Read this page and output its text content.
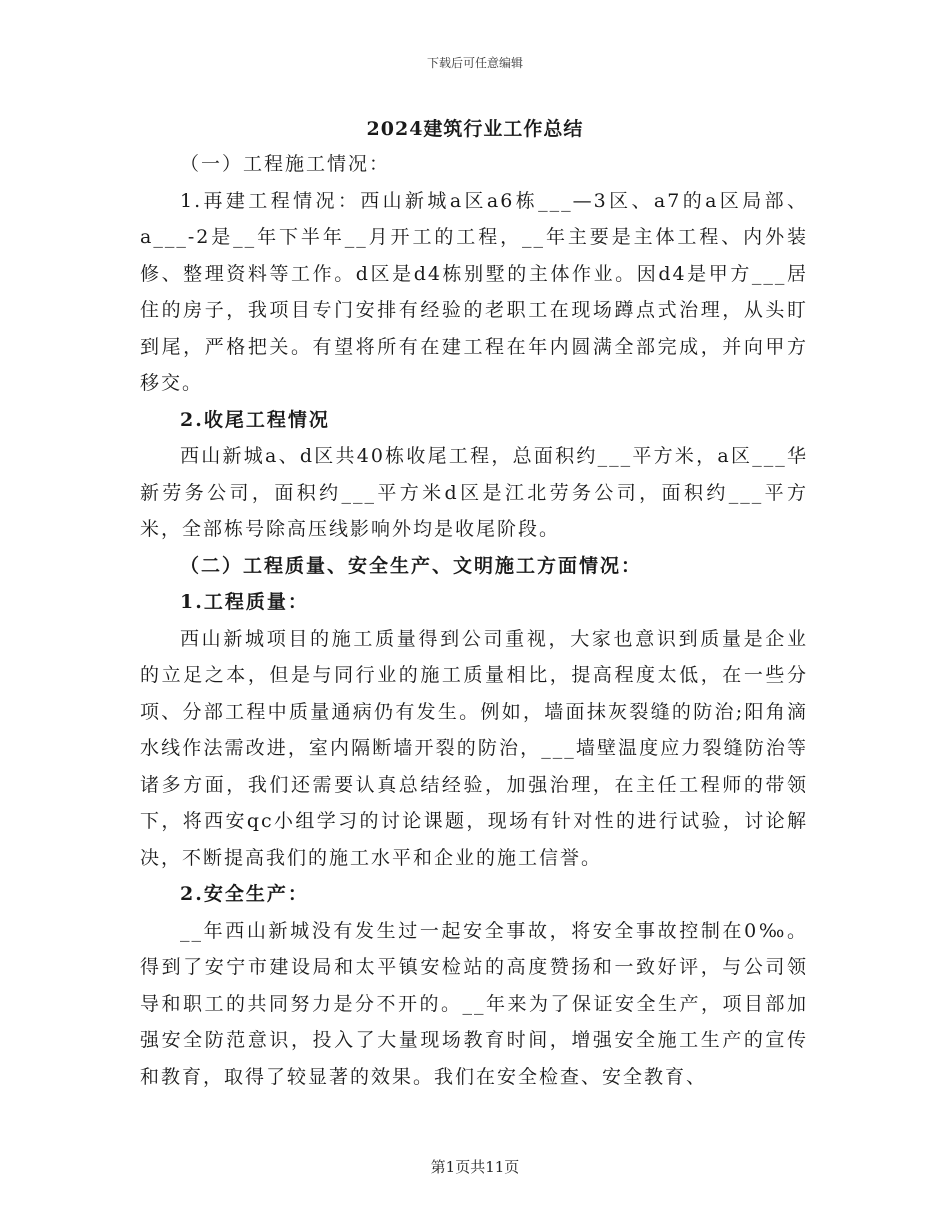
下载后可任意编辑
2024建筑行业工作总结

（一）工程施工情况：

1.再建工程情况：西山新城a区a6栋___—3区、a7的a区局部、a___-2是__年下半年__月开工的工程，__年主要是主体工程、内外装修、整理资料等工作。d区是d4栋别墅的主体作业。因d4是甲方___居住的房子，我项目专门安排有经验的老职工在现场蹲点式治理，从头盯到尾，严格把关。有望将所有在建工程在年内圆满全部完成，并向甲方移交。

2.收尾工程情况

西山新城a、d区共40栋收尾工程，总面积约___平方米，a区___华新劳务公司，面积约___平方米d区是江北劳务公司，面积约___平方米，全部栋号除高压线影响外均是收尾阶段。

（二）工程质量、安全生产、文明施工方面情况：

1.工程质量：

西山新城项目的施工质量得到公司重视，大家也意识到质量是企业的立足之本，但是与同行业的施工质量相比，提高程度太低，在一些分项、分部工程中质量通病仍有发生。例如，墙面抹灰裂缝的防治;阳角滴水线作法需改进，室内隔断墙开裂的防治，___墙壁温度应力裂缝防治等诸多方面，我们还需要认真总结经验，加强治理，在主任工程师的带领下，将西安qc小组学习的讨论课题，现场有针对性的进行试验，讨论解决，不断提高我们的施工水平和企业的施工信誉。

2.安全生产：

__年西山新城没有发生过一起安全事故，将安全事故控制在0‰。得到了安宁市建设局和太平镇安检站的高度赞扬和一致好评，与公司领导和职工的共同努力是分不开的。__年来为了保证安全生产，项目部加强安全防范意识，投入了大量现场教育时间，增强安全施工生产的宣传和教育，取得了较显著的效果。我们在安全检查、安全教育、

第1页共11页
